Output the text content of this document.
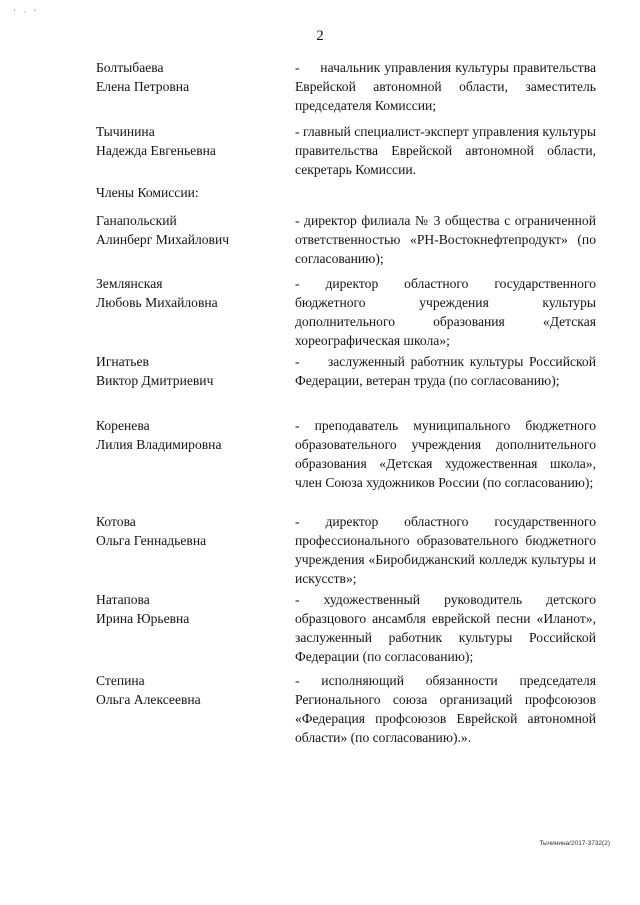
' · '
2
Болтыбаева
Елена Петровна
-     начальник управления культуры правительства Еврейской автономной области, заместитель председателя Комиссии;
Тычинина
Надежда Евгеньевна
- главный специалист-эксперт управления культуры правительства Еврейской автономной области, секретарь Комиссии.
Члены Комиссии:
Ганапольский
Алинберг Михайлович
- директор филиала № 3 общества с ограниченной ответственностью «РН-Востокнефтепродукт» (по согласованию);
Землянская
Любовь Михайловна
- директор областного государственного бюджетного учреждения культуры дополнительного образования «Детская хореографическая школа»;
Игнатьев
Виктор Дмитриевич
-     заслуженный работник культуры Российской Федерации, ветеран труда (по согласованию);
Коренева
Лилия Владимировна
- преподаватель муниципального бюджетного образовательного учреждения дополнительного образования «Детская художественная школа», член Союза художников России (по согласованию);
Котова
Ольга Геннадьевна
- директор областного государственного профессионального образовательного бюджетного учреждения «Биробиджанский колледж культуры и искусств»;
Натапова
Ирина Юрьевна
- художественный руководитель детского образцового ансамбля еврейской песни «Иланот», заслуженный работник культуры Российской Федерации (по согласованию);
Степина
Ольга Алексеевна
- исполняющий обязанности председателя Регионального союза организаций профсоюзов «Федерация профсоюзов Еврейской автономной области» (по согласованию).».
Тычинина/2017-3732(2)
